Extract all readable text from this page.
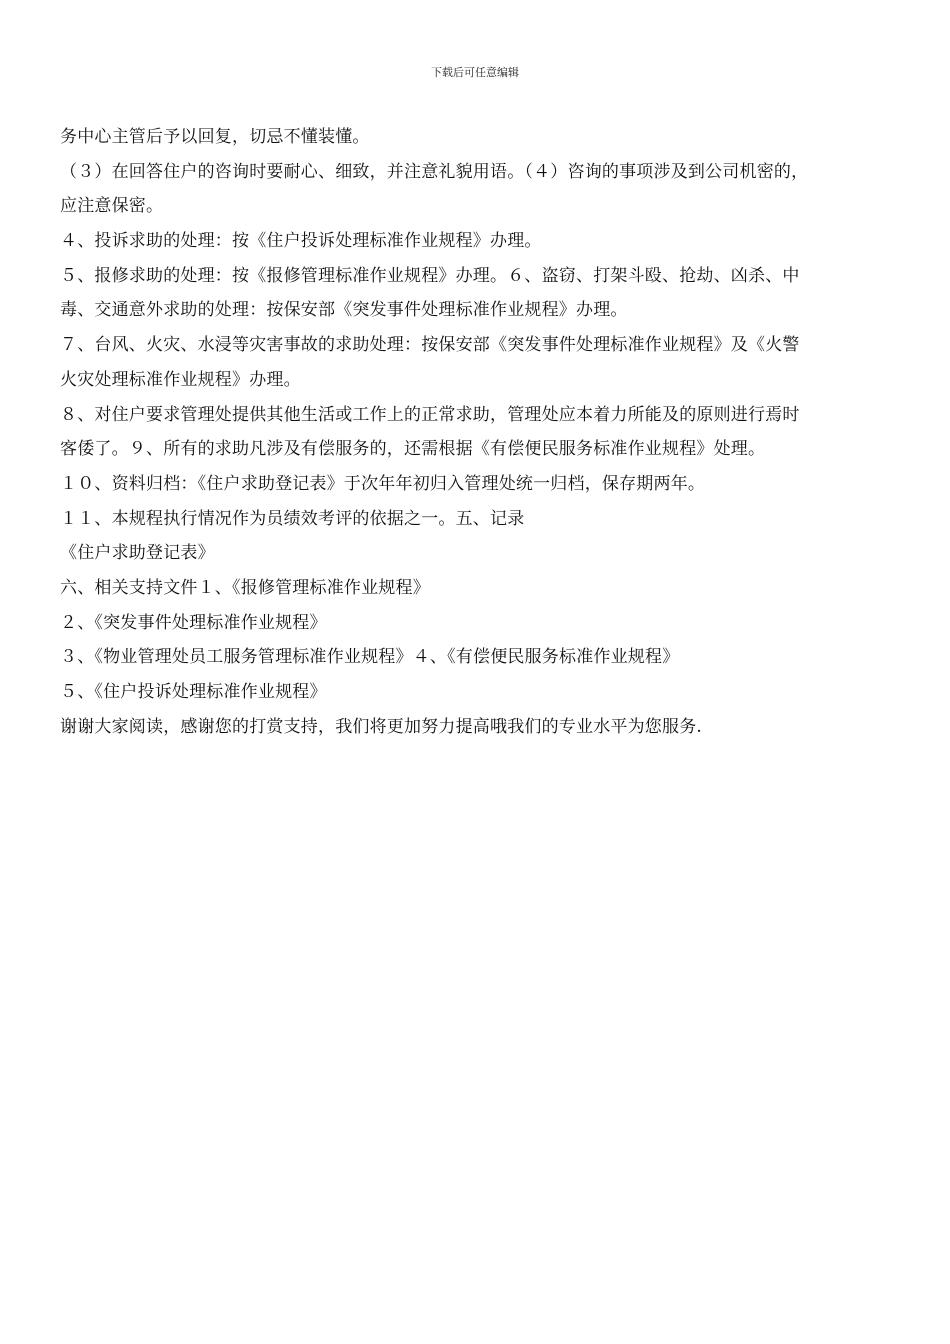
下载后可任意编辑
务中心主管后予以回复，切忌不懂装懂。
（３）在回答住户的咨询时要耐心、细致，并注意礼貌用语。（４）咨询的事项涉及到公司机密的，
应注意保密。
４、投诉求助的处理：按《住户投诉处理标准作业规程》办理。
５、报修求助的处理：按《报修管理标准作业规程》办理。６、盗窃、打架斗殴、抢劫、凶杀、中
毒、交通意外求助的处理：按保安部《突发事件处理标准作业规程》办理。
７、台风、火灾、水浸等灾害事故的求助处理：按保安部《突发事件处理标准作业规程》及《火警
火灾处理标准作业规程》办理。
８、对住户要求管理处提供其他生活或工作上的正常求助，管理处应本着力所能及的原则进行焉时
客倭了。９、所有的求助凡涉及有偿服务的，还需根据《有偿便民服务标准作业规程》处理。
１０、资料归档：《住户求助登记表》于次年年初归入管理处统一归档，保存期两年。
１１、本规程执行情况作为员绩效考评的依据之一。五、记录
《住户求助登记表》
六、相关支持文件１、《报修管理标准作业规程》
２、《突发事件处理标准作业规程》
３、《物业管理处员工服务管理标准作业规程》４、《有偿便民服务标准作业规程》
５、《住户投诉处理标准作业规程》
谢谢大家阅读，感谢您的打赏支持，我们将更加努力提高哦我们的专业水平为您服务.
